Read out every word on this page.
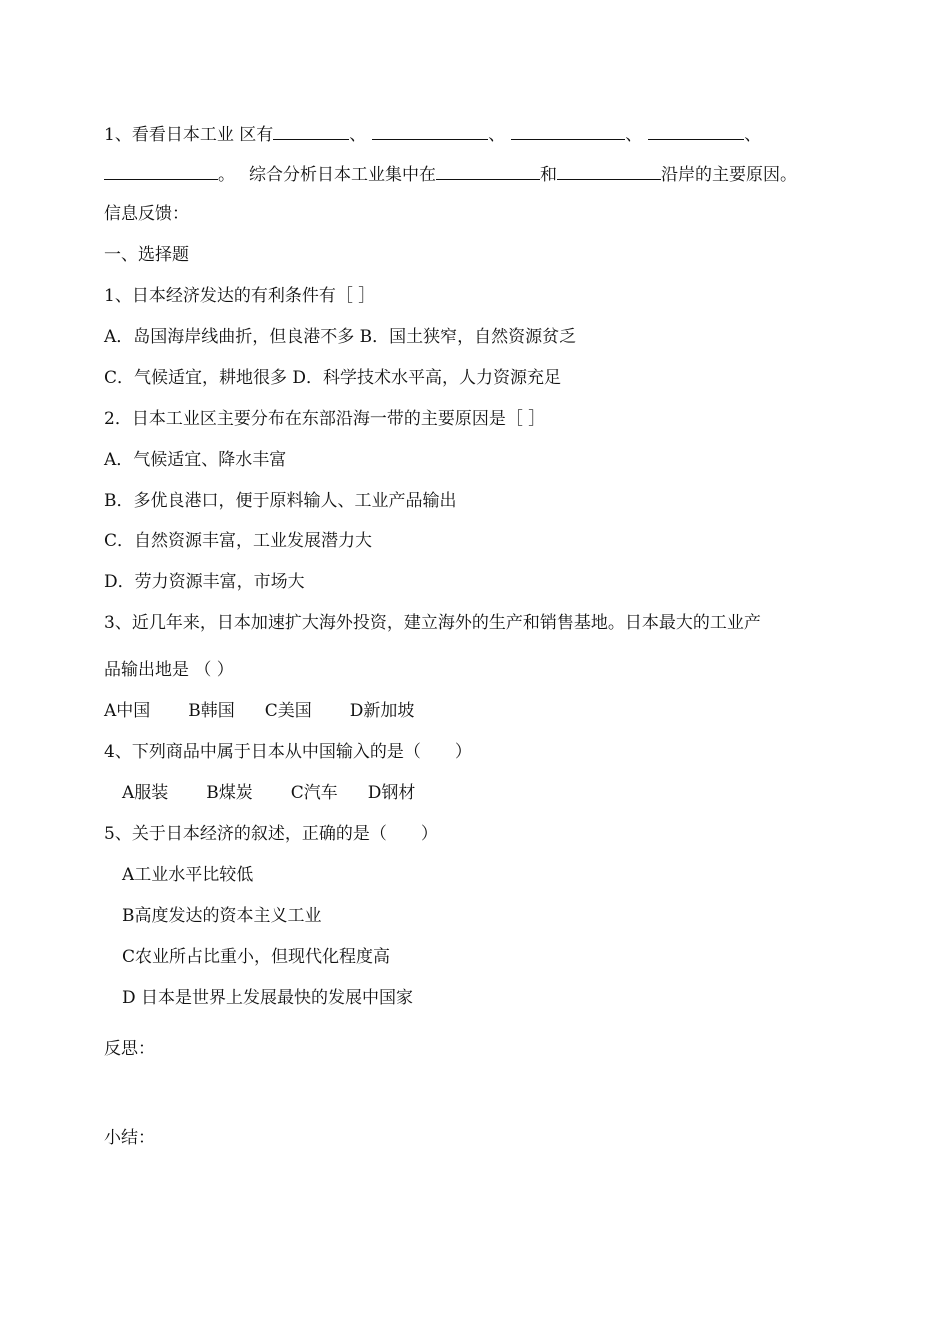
1、看看日本工业 区有	、	、	、	、
。 综合分析日本工业集中在	和	沿岸的主要原因。
信息反馈：
一、选择题
1、日本经济发达的有利条件有［ ］
A．岛国海岸线曲折，但良港不多 B．国土狭窄，自然资源贫乏
C．气候适宜，耕地很多 D．科学技术水平高，人力资源充足
2．日本工业区主要分布在东部沿海一带的主要原因是［ ］
A．气候适宜、降水丰富
B．多优良港口，便于原料输人、工业产品输出
C．自然资源丰富，工业发展潜力大
D．劳力资源丰富，市场大
3、近几年来，日本加速扩大海外投资，建立海外的生产和销售基地。日本最大的工业产
品输出地是 （ ）
A中国 B韩国 C美国 D新加坡
4、下列商品中属于日本从中国输入的是（　　）
A服装 B煤炭 C汽车 D钢材
5、关于日本经济的叙述，正确的是（　　）
A工业水平比较低
B高度发达的资本主义工业
C农业所占比重小，但现代化程度高
D 日本是世界上发展最快的发展中国家
反思：
小结：
